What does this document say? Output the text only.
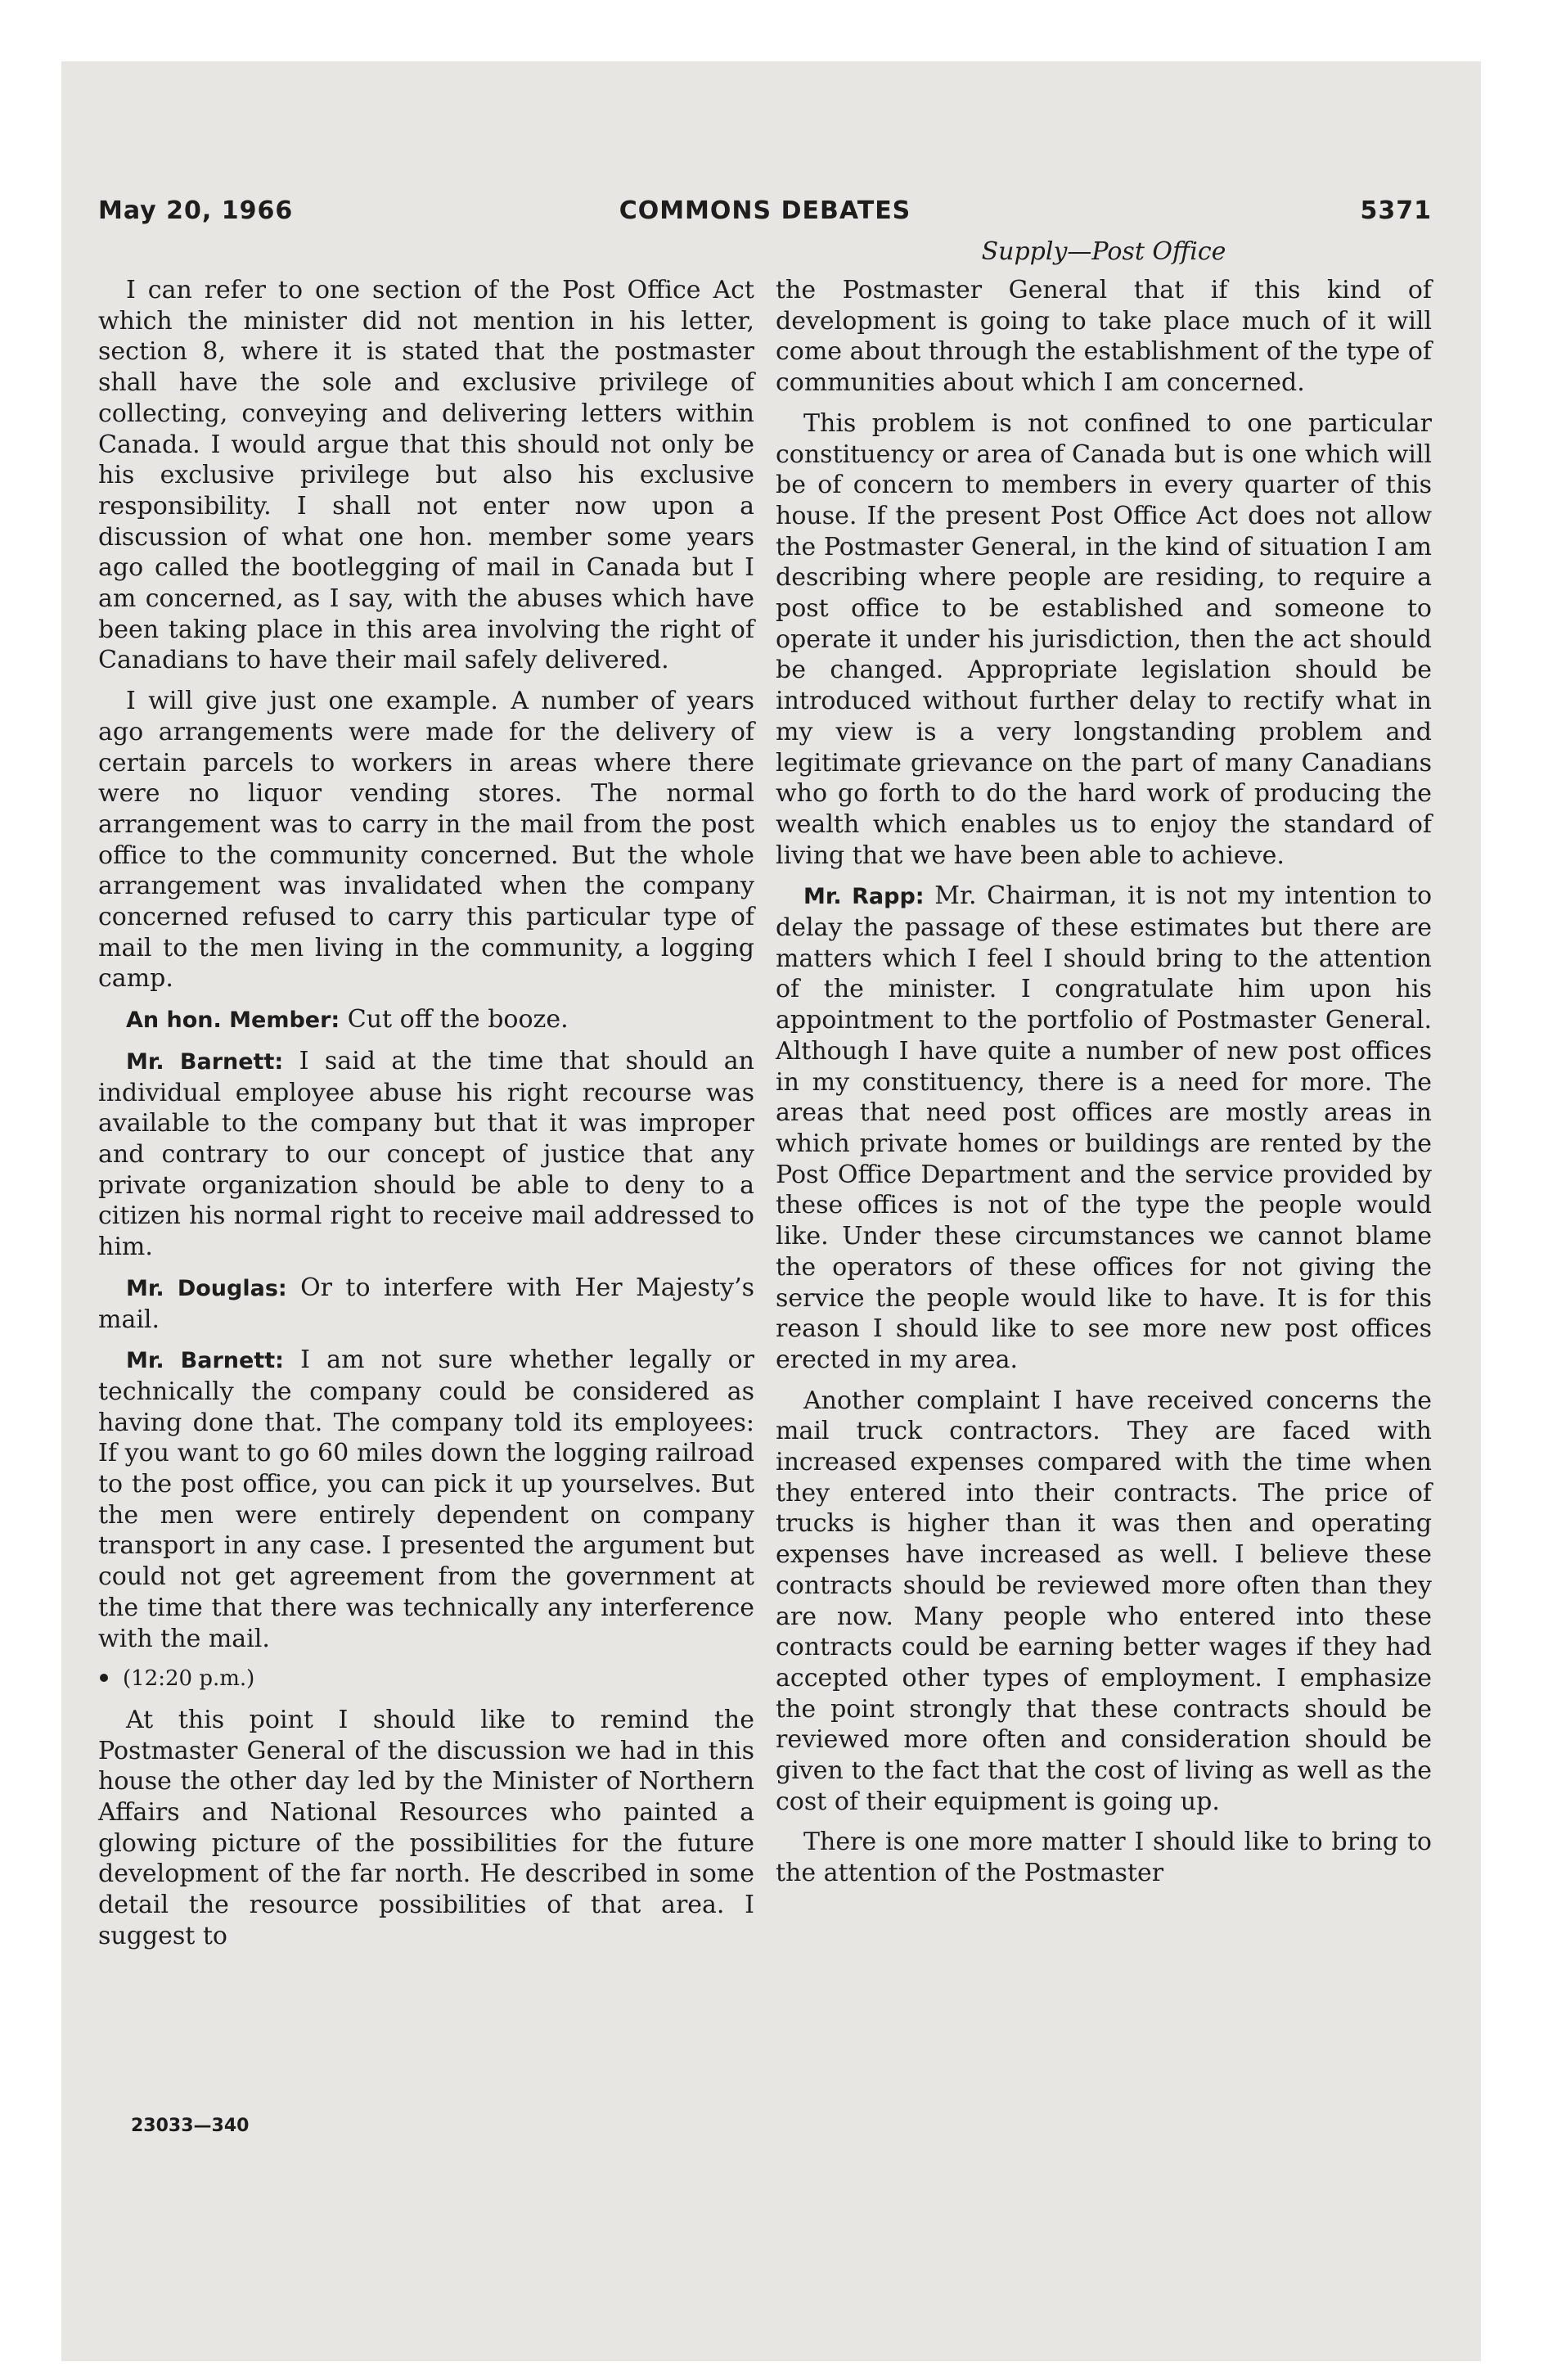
May 20, 1966	COMMONS DEBATES	5371
Supply—Post Office

I can refer to one section of the Post Office Act which the minister did not mention in his letter, section 8, where it is stated that the postmaster shall have the sole and exclusive privilege of collecting, conveying and delivering letters within Canada. I would argue that this should not only be his exclusive privilege but also his exclusive responsibility. I shall not enter now upon a discussion of what one hon. member some years ago called the bootlegging of mail in Canada but I am concerned, as I say, with the abuses which have been taking place in this area involving the right of Canadians to have their mail safely delivered.

I will give just one example. A number of years ago arrangements were made for the delivery of certain parcels to workers in areas where there were no liquor vending stores. The normal arrangement was to carry in the mail from the post office to the community concerned. But the whole arrangement was invalidated when the company concerned refused to carry this particular type of mail to the men living in the community, a logging camp.

An hon. Member: Cut off the booze.

Mr. Barnett: I said at the time that should an individual employee abuse his right recourse was available to the company but that it was improper and contrary to our concept of justice that any private organization should be able to deny to a citizen his normal right to receive mail addressed to him.

Mr. Douglas: Or to interfere with Her Majesty’s mail.

Mr. Barnett: I am not sure whether legally or technically the company could be considered as having done that. The company told its employees: If you want to go 60 miles down the logging railroad to the post office, you can pick it up yourselves. But the men were entirely dependent on company transport in any case. I presented the argument but could not get agreement from the government at the time that there was technically any interference with the mail.

(12:20 p.m.)

At this point I should like to remind the Postmaster General of the discussion we had in this house the other day led by the Minister of Northern Affairs and National Resources who painted a glowing picture of the possibilities for the future development of the far north. He described in some detail the resource possibilities of that area. I suggest to

the Postmaster General that if this kind of development is going to take place much of it will come about through the establishment of the type of communities about which I am concerned.

This problem is not confined to one particular constituency or area of Canada but is one which will be of concern to members in every quarter of this house. If the present Post Office Act does not allow the Postmaster General, in the kind of situation I am describing where people are residing, to require a post office to be established and someone to operate it under his jurisdiction, then the act should be changed. Appropriate legislation should be introduced without further delay to rectify what in my view is a very longstanding problem and legitimate grievance on the part of many Canadians who go forth to do the hard work of producing the wealth which enables us to enjoy the standard of living that we have been able to achieve.

Mr. Rapp: Mr. Chairman, it is not my intention to delay the passage of these estimates but there are matters which I feel I should bring to the attention of the minister. I congratulate him upon his appointment to the portfolio of Postmaster General. Although I have quite a number of new post offices in my constituency, there is a need for more. The areas that need post offices are mostly areas in which private homes or buildings are rented by the Post Office Department and the service provided by these offices is not of the type the people would like. Under these circumstances we cannot blame the operators of these offices for not giving the service the people would like to have. It is for this reason I should like to see more new post offices erected in my area.

Another complaint I have received concerns the mail truck contractors. They are faced with increased expenses compared with the time when they entered into their contracts. The price of trucks is higher than it was then and operating expenses have increased as well. I believe these contracts should be reviewed more often than they are now. Many people who entered into these contracts could be earning better wages if they had accepted other types of employment. I emphasize the point strongly that these contracts should be reviewed more often and consideration should be given to the fact that the cost of living as well as the cost of their equipment is going up.

There is one more matter I should like to bring to the attention of the Postmaster

23033—340
